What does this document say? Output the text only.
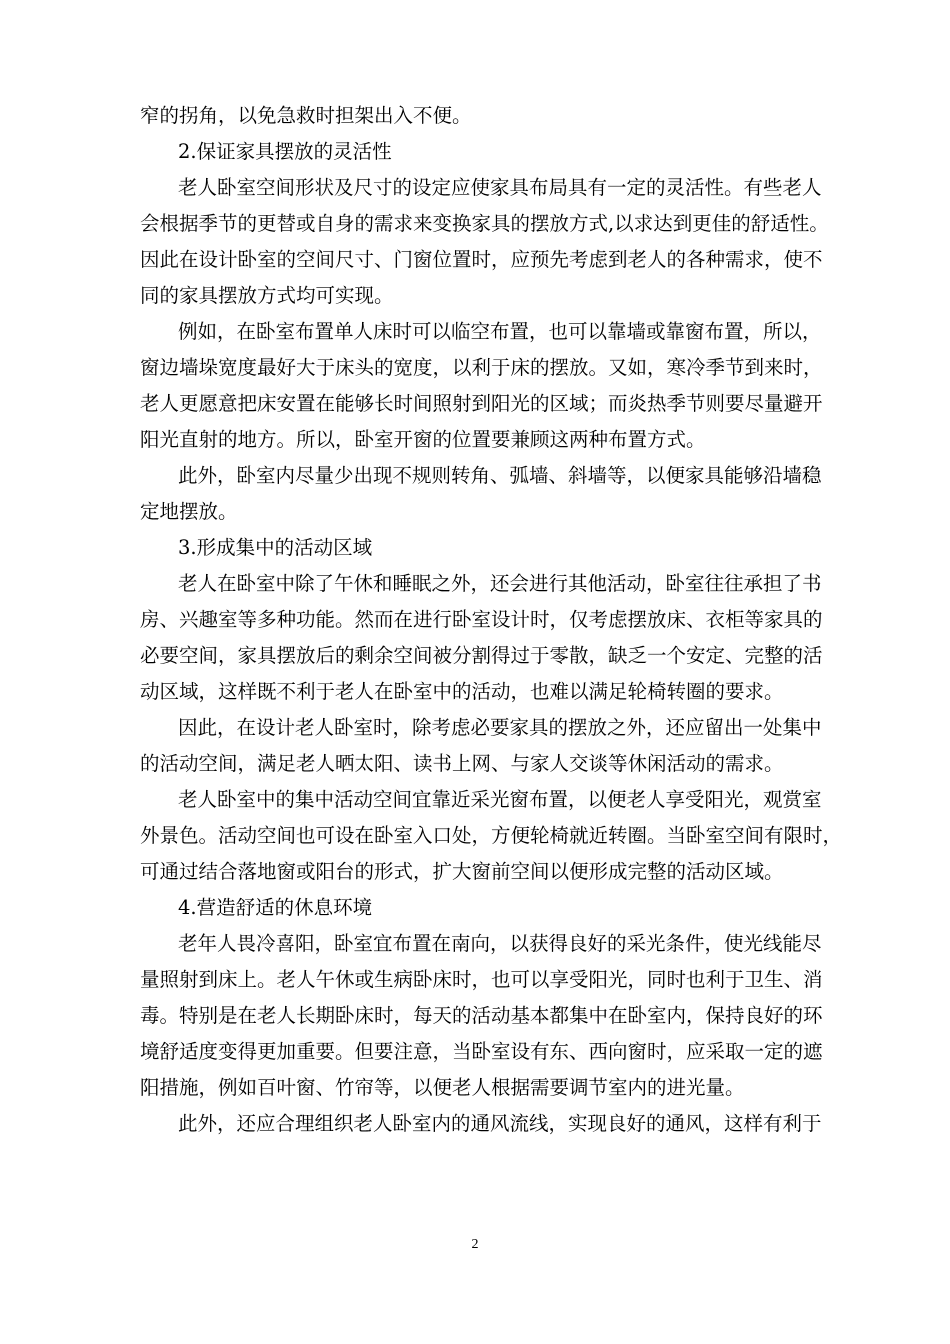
窄的拐角，以免急救时担架出入不便。
2.保证家具摆放的灵活性
老人卧室空间形状及尺寸的设定应使家具布局具有一定的灵活性。有些老人
会根据季节的更替或自身的需求来变换家具的摆放方式,以求达到更佳的舒适性。
因此在设计卧室的空间尺寸、门窗位置时，应预先考虑到老人的各种需求，使不
同的家具摆放方式均可实现。
例如，在卧室布置单人床时可以临空布置，也可以靠墙或靠窗布置，所以，
窗边墙垛宽度最好大于床头的宽度，以利于床的摆放。又如，寒冷季节到来时，
老人更愿意把床安置在能够长时间照射到阳光的区域；而炎热季节则要尽量避开
阳光直射的地方。所以，卧室开窗的位置要兼顾这两种布置方式。
此外，卧室内尽量少出现不规则转角、弧墙、斜墙等，以便家具能够沿墙稳
定地摆放。
3.形成集中的活动区域
老人在卧室中除了午休和睡眠之外，还会进行其他活动，卧室往往承担了书
房、兴趣室等多种功能。然而在进行卧室设计时，仅考虑摆放床、衣柜等家具的
必要空间，家具摆放后的剩余空间被分割得过于零散，缺乏一个安定、完整的活
动区域，这样既不利于老人在卧室中的活动，也难以满足轮椅转圈的要求。
因此，在设计老人卧室时，除考虑必要家具的摆放之外，还应留出一处集中
的活动空间，满足老人晒太阳、读书上网、与家人交谈等休闲活动的需求。
老人卧室中的集中活动空间宜靠近采光窗布置，以便老人享受阳光，观赏室
外景色。活动空间也可设在卧室入口处，方便轮椅就近转圈。当卧室空间有限时，
可通过结合落地窗或阳台的形式，扩大窗前空间以便形成完整的活动区域。
4.营造舒适的休息环境
老年人畏冷喜阳，卧室宜布置在南向，以获得良好的采光条件，使光线能尽
量照射到床上。老人午休或生病卧床时，也可以享受阳光，同时也利于卫生、消
毒。特别是在老人长期卧床时，每天的活动基本都集中在卧室内，保持良好的环
境舒适度变得更加重要。但要注意，当卧室设有东、西向窗时，应采取一定的遮
阳措施，例如百叶窗、竹帘等，以便老人根据需要调节室内的进光量。
此外，还应合理组织老人卧室内的通风流线，实现良好的通风，这样有利于
2
